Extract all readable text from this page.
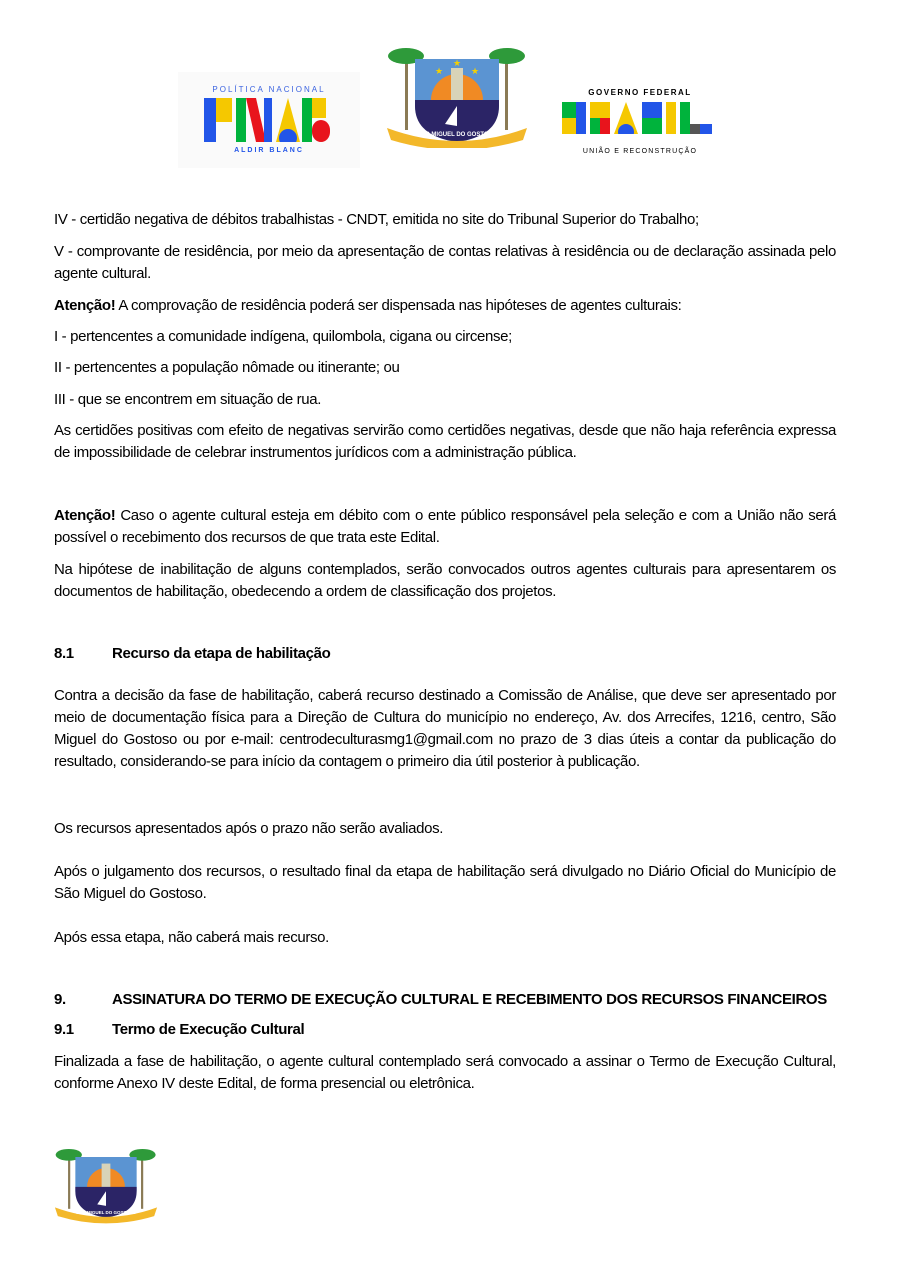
POLÍTICA NACIONAL
ALDIR BLANC
★
★
★
SÃO MIGUEL DO GOSTOSO
GOVERNO FEDERAL
UNIÃO E RECONSTRUÇÃO
IV - certidão negativa de débitos trabalhistas - CNDT, emitida no site do Tribunal Superior do Trabalho;
V - comprovante de residência, por meio da apresentação de contas relativas à residência ou de declaração assinada pelo agente cultural.
Atenção! A comprovação de residência poderá ser dispensada nas hipóteses de agentes culturais:
I - pertencentes a comunidade indígena, quilombola, cigana ou circense;
II - pertencentes a população nômade ou itinerante; ou
III - que se encontrem em situação de rua.
As certidões positivas com efeito de negativas servirão como certidões negativas, desde que não haja referência expressa de impossibilidade de celebrar instrumentos jurídicos com a administração pública.
Atenção! Caso o agente cultural esteja em débito com o ente público responsável pela seleção e com a União não será possível o recebimento dos recursos de que trata este Edital.
Na hipótese de inabilitação de alguns contemplados, serão convocados outros agentes culturais para apresentarem os documentos de habilitação, obedecendo a ordem de classificação dos projetos.
8.1	Recurso da etapa de habilitação
Contra a decisão da fase de habilitação, caberá recurso destinado a Comissão de Análise, que deve ser apresentado por meio de documentação física para a Direção de Cultura do município no endereço, Av. dos Arrecifes, 1216, centro, São Miguel do Gostoso ou por e-mail: centrodeculturasmg1@gmail.com no prazo de 3 dias úteis a contar da publicação do resultado, considerando-se para início da contagem o primeiro dia útil posterior à publicação.
Os recursos apresentados após o prazo não serão avaliados.
Após o julgamento dos recursos, o resultado final da etapa de habilitação será divulgado no Diário Oficial do Município de São Miguel do Gostoso.
Após essa etapa, não caberá mais recurso.
9.	ASSINATURA DO TERMO DE EXECUÇÃO CULTURAL E RECEBIMENTO DOS RECURSOS FINANCEIROS
9.1	Termo de Execução Cultural
Finalizada a fase de habilitação, o agente cultural contemplado será convocado a assinar o Termo de Execução Cultural, conforme Anexo IV deste Edital, de forma presencial ou eletrônica.
SÃO MIGUEL DO GOSTOSO
